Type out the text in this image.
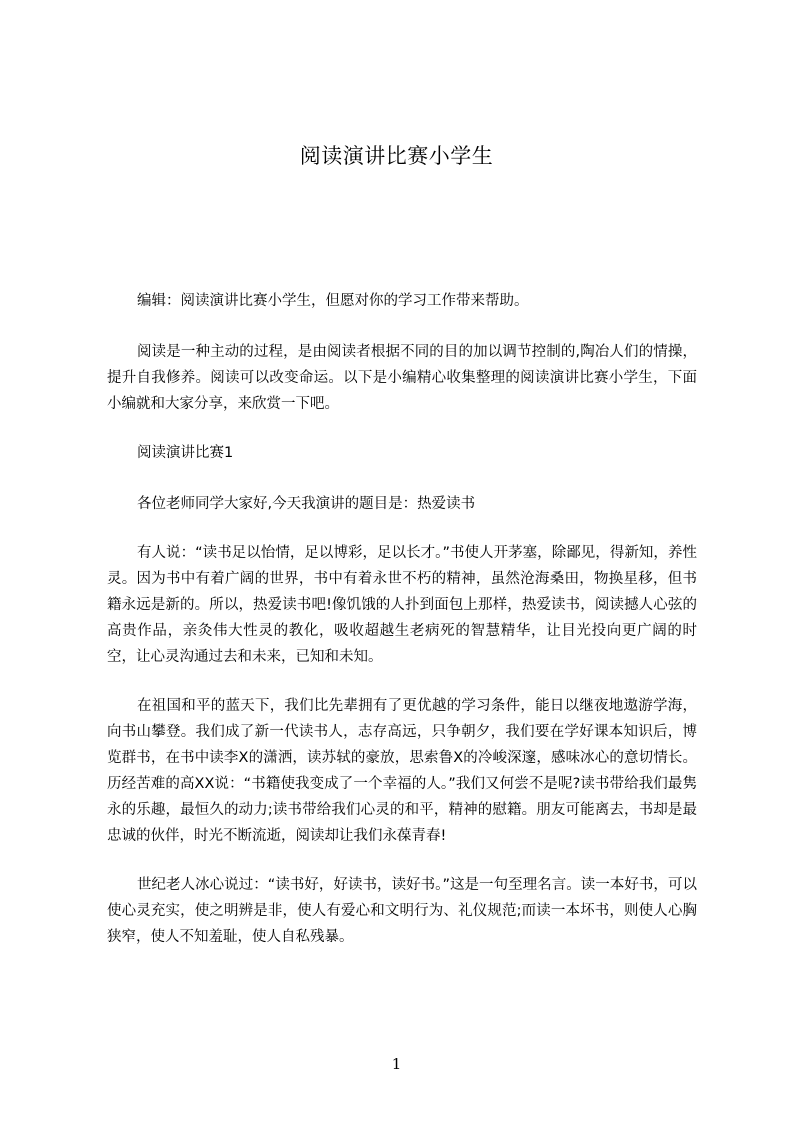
阅读演讲比赛小学生

编辑：阅读演讲比赛小学生，但愿对你的学习工作带来帮助。

阅读是一种主动的过程，是由阅读者根据不同的目的加以调节控制的,陶冶人们的情操，提升自我修养。阅读可以改变命运。以下是小编精心收集整理的阅读演讲比赛小学生，下面小编就和大家分享，来欣赏一下吧。

阅读演讲比赛1

各位老师同学大家好,今天我演讲的题目是：热爱读书

有人说：“读书足以怡情，足以博彩，足以长才。”书使人开茅塞，除鄙见，得新知，养性灵。因为书中有着广阔的世界，书中有着永世不朽的精神，虽然沧海桑田，物换星移，但书籍永远是新的。所以，热爱读书吧!像饥饿的人扑到面包上那样，热爱读书，阅读撼人心弦的高贵作品，亲灸伟大性灵的教化，吸收超越生老病死的智慧精华，让目光投向更广阔的时空，让心灵沟通过去和未来，已知和未知。

在祖国和平的蓝天下，我们比先辈拥有了更优越的学习条件，能日以继夜地遨游学海，向书山攀登。我们成了新一代读书人，志存高远，只争朝夕，我们要在学好课本知识后，博览群书，在书中读李Ⅹ的潇洒，读苏轼的豪放，思索鲁Ⅹ的冷峻深邃，感味冰心的意切情长。历经苦难的高XX说：“书籍使我变成了一个幸福的人。”我们又何尝不是呢?读书带给我们最隽永的乐趣，最恒久的动力;读书带给我们心灵的和平，精神的慰籍。朋友可能离去，书却是最忠诚的伙伴，时光不断流逝，阅读却让我们永葆青春!

世纪老人冰心说过：“读书好，好读书，读好书。”这是一句至理名言。读一本好书，可以使心灵充实，使之明辨是非，使人有爱心和文明行为、礼仪规范;而读一本坏书，则使人心胸狭窄，使人不知羞耻，使人自私残暴。

1
